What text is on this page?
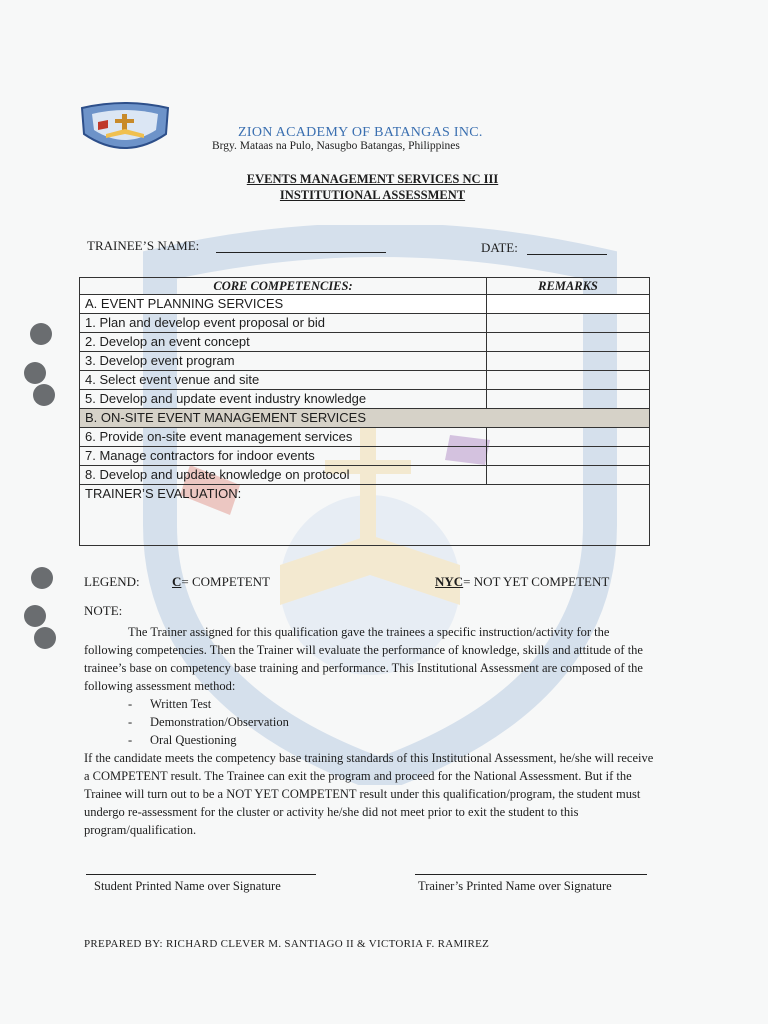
ZION ACADEMY OF BATANGAS INC.
Brgy. Mataas na Pulo, Nasugbo Batangas, Philippines
EVENTS MANAGEMENT SERVICES NC III
INSTITUTIONAL ASSESSMENT
TRAINEE’S NAME:	DATE:
CORE COMPETENCIES:	REMARKS
A. EVENT PLANNING SERVICES	
1. Plan and develop event proposal or bid	
2. Develop an event concept	
3. Develop event program	
4. Select event venue and site	
5. Develop and update event industry knowledge	
B. ON-SITE EVENT MANAGEMENT SERVICES	
6. Provide on-site event management services	
7. Manage contractors for indoor events	
8. Develop and update knowledge on protocol	
TRAINER’S EVALUATION:	
LEGEND: C= COMPETENT	NYC= NOT YET COMPETENT
NOTE:

The Trainer assigned for this qualification gave the trainees a specific instruction/activity for the following competencies. Then the Trainer will evaluate the performance of knowledge, skills and attitude of the trainee’s base on competency base training and performance. This Institutional Assessment are composed of the following assessment method:

- Written Test
- Demonstration/Observation
- Oral Questioning

If the candidate meets the competency base training standards of this Institutional Assessment, he/she will receive a COMPETENT result. The Trainee can exit the program and proceed for the National Assessment. But if the Trainee will turn out to be a NOT YET COMPETENT result under this qualification/program, the student must undergo re-assessment for the cluster or activity he/she did not meet prior to exit the student to this program/qualification.

Student Printed Name over Signature	Trainer’s Printed Name over Signature
PREPARED BY: RICHARD CLEVER M. SANTIAGO II & VICTORIA F. RAMIREZ
